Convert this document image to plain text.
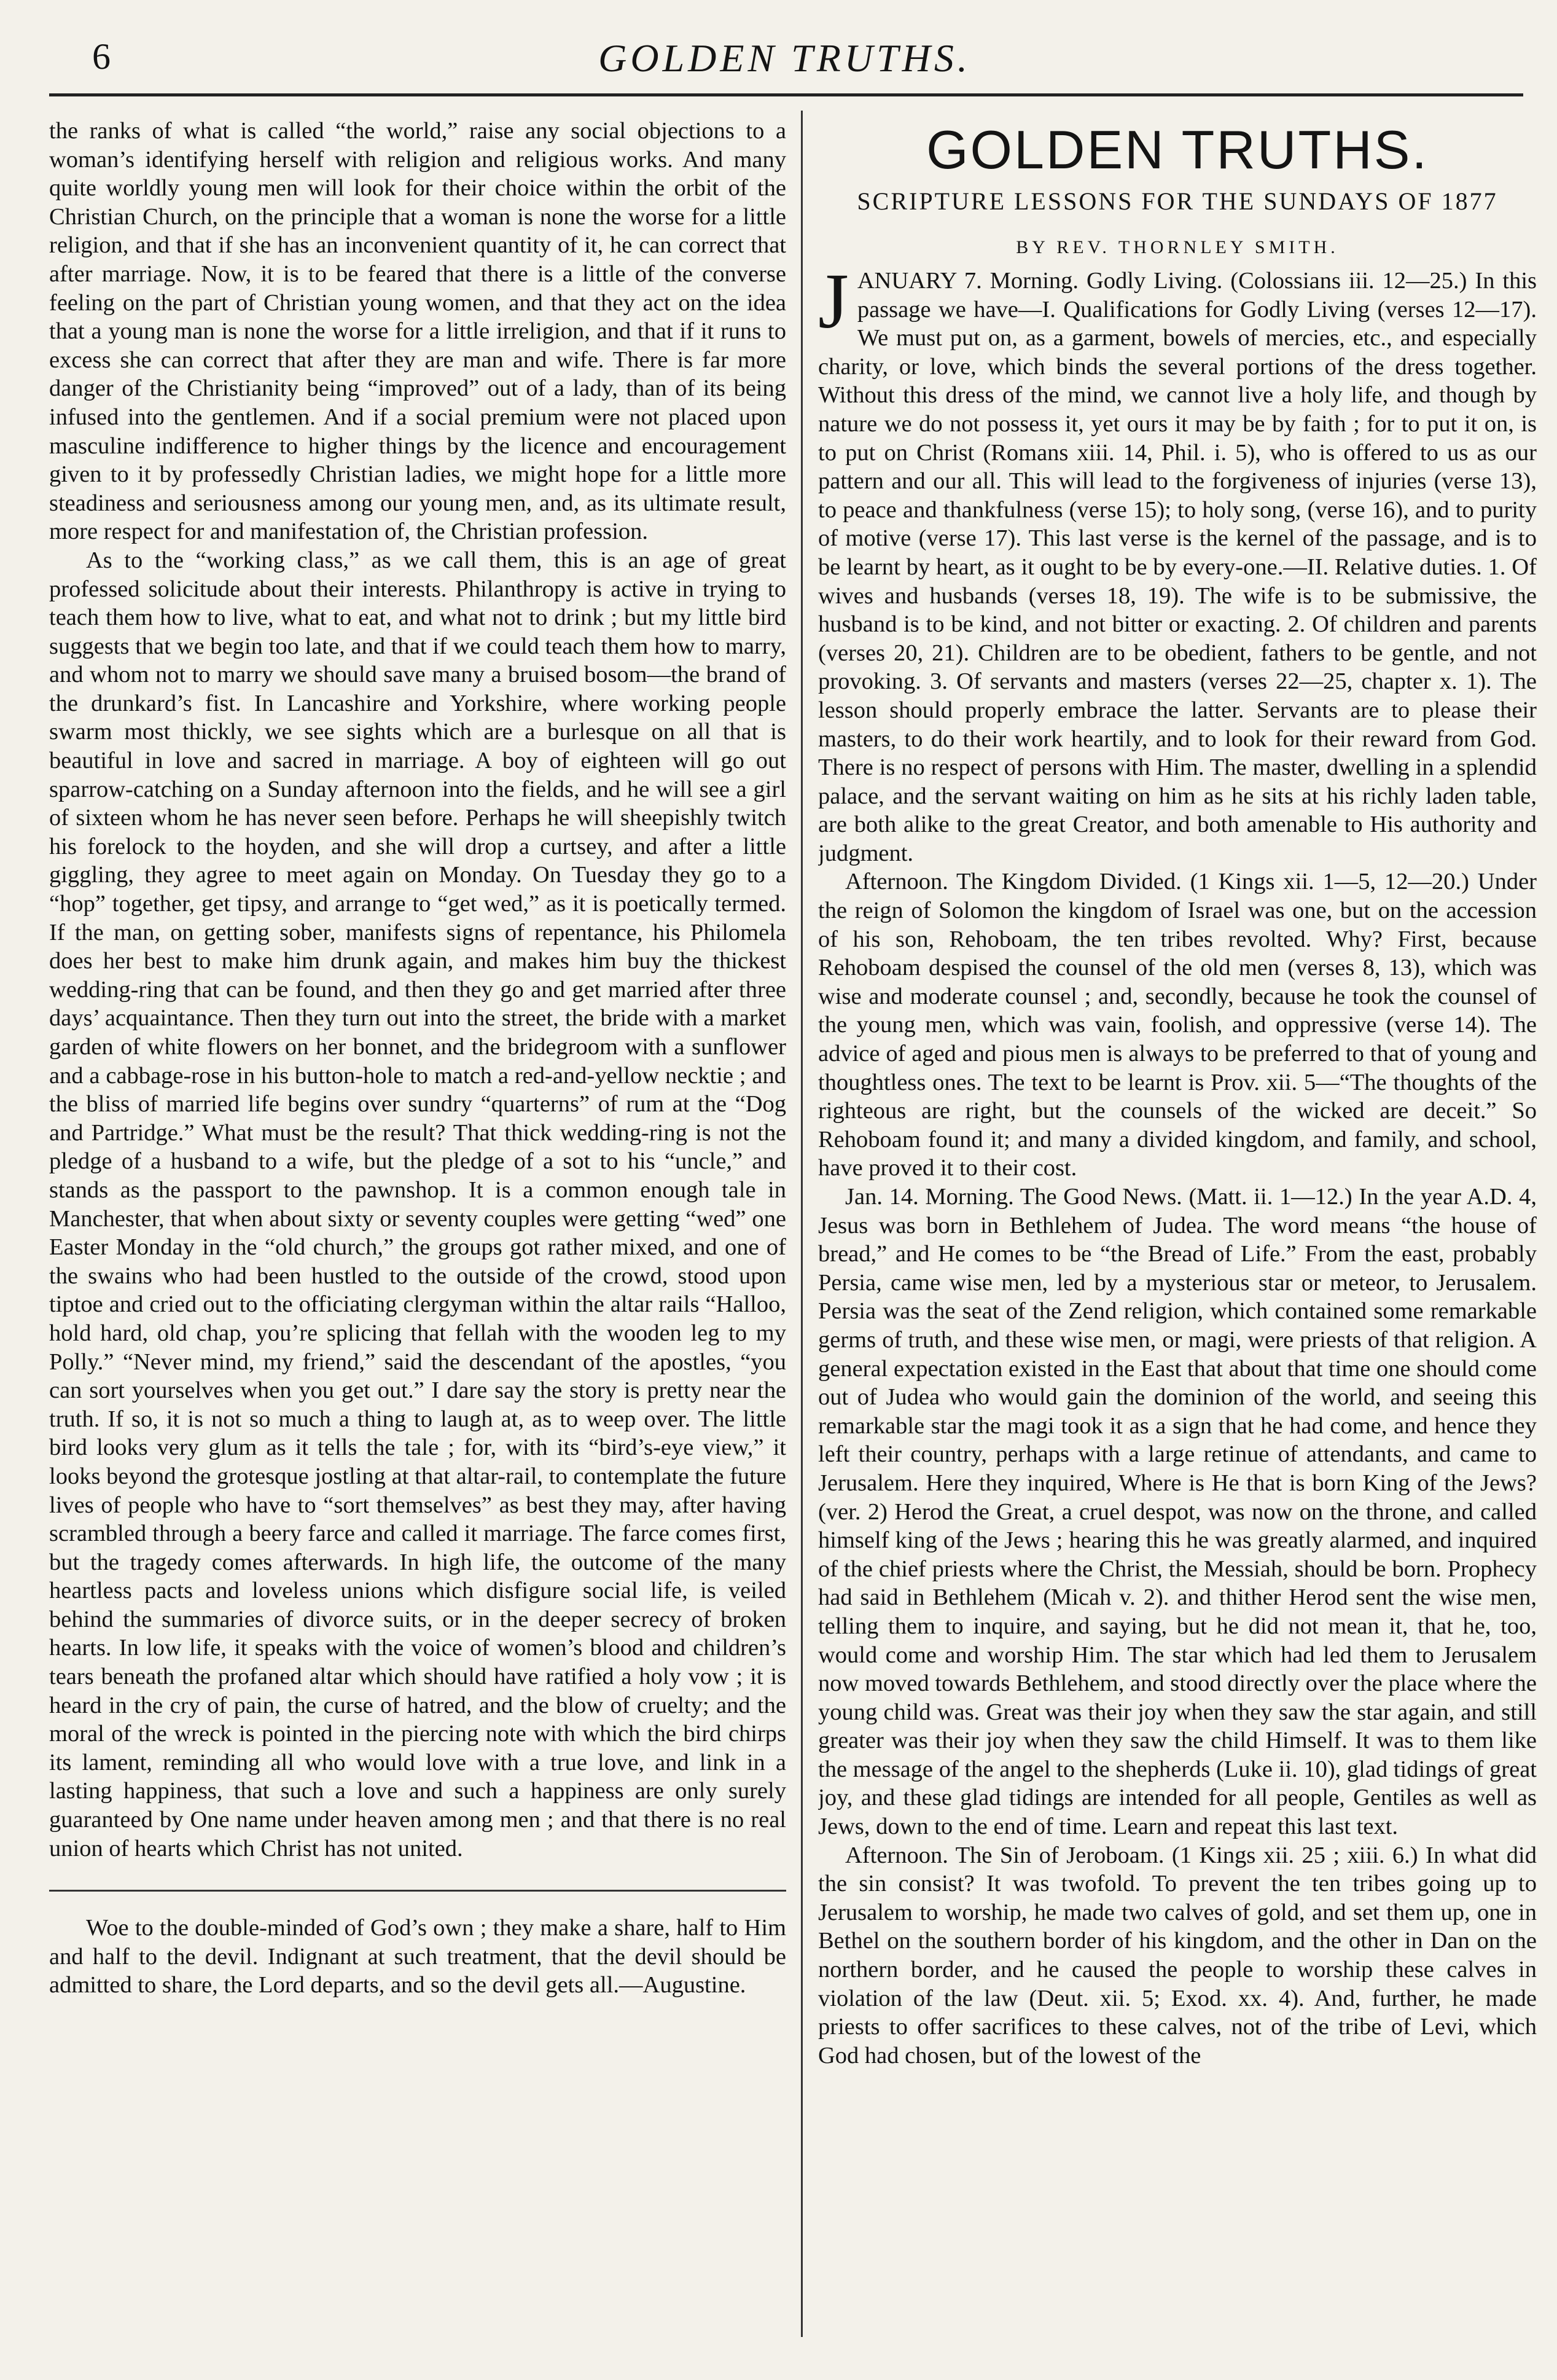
6	GOLDEN TRUTHS.

the ranks of what is called “the world,” raise any social objections to a woman’s identifying herself with religion and religious works. And many quite worldly young men will look for their choice within the orbit of the Christian Church, on the principle that a woman is none the worse for a little religion, and that if she has an inconvenient quantity of it, he can correct that after marriage. Now, it is to be feared that there is a little of the converse feeling on the part of Christian young women, and that they act on the idea that a young man is none the worse for a little irreligion, and that if it runs to excess she can correct that after they are man and wife. There is far more danger of the Christianity being “improved” out of a lady, than of its being infused into the gentlemen. And if a social premium were not placed upon masculine indifference to higher things by the licence and encouragement given to it by professedly Christian ladies, we might hope for a little more steadiness and seriousness among our young men, and, as its ultimate result, more respect for and manifestation of, the Christian profession.

As to the “working class,” as we call them, this is an age of great professed solicitude about their interests. Philanthropy is active in trying to teach them how to live, what to eat, and what not to drink ; but my little bird suggests that we begin too late, and that if we could teach them how to marry, and whom not to marry we should save many a bruised bosom—the brand of the drunkard’s fist. In Lancashire and Yorkshire, where working people swarm most thickly, we see sights which are a burlesque on all that is beautiful in love and sacred in marriage. A boy of eighteen will go out sparrow-catching on a Sunday afternoon into the fields, and he will see a girl of sixteen whom he has never seen before. Perhaps he will sheepishly twitch his forelock to the hoyden, and she will drop a curtsey, and after a little giggling, they agree to meet again on Monday. On Tuesday they go to a “hop” together, get tipsy, and arrange to “get wed,” as it is poetically termed. If the man, on getting sober, manifests signs of repentance, his Philomela does her best to make him drunk again, and makes him buy the thickest wedding-ring that can be found, and then they go and get married after three days’ acquaintance. Then they turn out into the street, the bride with a market garden of white flowers on her bonnet, and the bridegroom with a sunflower and a cabbage-rose in his button-hole to match a red-and-yellow necktie ; and the bliss of married life begins over sundry “quarterns” of rum at the “Dog and Partridge.” What must be the result? That thick wedding-ring is not the pledge of a husband to a wife, but the pledge of a sot to his “uncle,” and stands as the passport to the pawnshop. It is a common enough tale in Manchester, that when about sixty or seventy couples were getting “wed” one Easter Monday in the “old church,” the groups got rather mixed, and one of the swains who had been hustled to the outside of the crowd, stood upon tiptoe and cried out to the officiating clergyman within the altar rails “Halloo, hold hard, old chap, you’re splicing that fellah with the wooden leg to my Polly.” “Never mind, my friend,” said the descendant of the apostles, “you can sort yourselves when you get out.” I dare say the story is pretty near the truth. If so, it is not so much a thing to laugh at, as to weep over. The little bird looks very glum as it tells the tale ; for, with its “bird’s-eye view,” it looks beyond the grotesque jostling at that altar-rail, to contemplate the future lives of people who have to “sort themselves” as best they may, after having scrambled through a beery farce and called it marriage. The farce comes first, but the tragedy comes afterwards. In high life, the outcome of the many heartless pacts and loveless unions which disfigure social life, is veiled behind the summaries of divorce suits, or in the deeper secrecy of broken hearts. In low life, it speaks with the voice of women’s blood and children’s tears beneath the profaned altar which should have ratified a holy vow ; it is heard in the cry of pain, the curse of hatred, and the blow of cruelty; and the moral of the wreck is pointed in the piercing note with which the bird chirps its lament, reminding all who would love with a true love, and link in a lasting happiness, that such a love and such a happiness are only surely guaranteed by One name under heaven among men ; and that there is no real union of hearts which Christ has not united.

Woe to the double-minded of God’s own ; they make a share, half to Him and half to the devil. Indignant at such treatment, that the devil should be admitted to share, the Lord departs, and so the devil gets all.—Augustine.

GOLDEN TRUTHS.
SCRIPTURE LESSONS FOR THE SUNDAYS OF 1877
BY REV. THORNLEY SMITH.

JANUARY 7. Morning. Godly Living. (Colossians iii. 12—25.) In this passage we have—I. Qualifications for Godly Living (verses 12—17). We must put on, as a garment, bowels of mercies, etc., and especially charity, or love, which binds the several portions of the dress together. Without this dress of the mind, we cannot live a holy life, and though by nature we do not possess it, yet ours it may be by faith ; for to put it on, is to put on Christ (Romans xiii. 14, Phil. i. 5), who is offered to us as our pattern and our all. This will lead to the forgiveness of injuries (verse 13), to peace and thankfulness (verse 15); to holy song, (verse 16), and to purity of motive (verse 17). This last verse is the kernel of the passage, and is to be learnt by heart, as it ought to be by every-one.—II. Relative duties. 1. Of wives and husbands (verses 18, 19). The wife is to be submissive, the husband is to be kind, and not bitter or exacting. 2. Of children and parents (verses 20, 21). Children are to be obedient, fathers to be gentle, and not provoking. 3. Of servants and masters (verses 22—25, chapter x. 1). The lesson should properly embrace the latter. Servants are to please their masters, to do their work heartily, and to look for their reward from God. There is no respect of persons with Him. The master, dwelling in a splendid palace, and the servant waiting on him as he sits at his richly laden table, are both alike to the great Creator, and both amenable to His authority and judgment.

Afternoon. The Kingdom Divided. (1 Kings xii. 1—5, 12—20.) Under the reign of Solomon the kingdom of Israel was one, but on the accession of his son, Rehoboam, the ten tribes revolted. Why? First, because Rehoboam despised the counsel of the old men (verses 8, 13), which was wise and moderate counsel ; and, secondly, because he took the counsel of the young men, which was vain, foolish, and oppressive (verse 14). The advice of aged and pious men is always to be preferred to that of young and thoughtless ones. The text to be learnt is Prov. xii. 5—“The thoughts of the righteous are right, but the counsels of the wicked are deceit.” So Rehoboam found it; and many a divided kingdom, and family, and school, have proved it to their cost.

Jan. 14. Morning. The Good News. (Matt. ii. 1—12.) In the year A.D. 4, Jesus was born in Bethlehem of Judea. The word means “the house of bread,” and He comes to be “the Bread of Life.” From the east, probably Persia, came wise men, led by a mysterious star or meteor, to Jerusalem. Persia was the seat of the Zend religion, which contained some remarkable germs of truth, and these wise men, or magi, were priests of that religion. A general expectation existed in the East that about that time one should come out of Judea who would gain the dominion of the world, and seeing this remarkable star the magi took it as a sign that he had come, and hence they left their country, perhaps with a large retinue of attendants, and came to Jerusalem. Here they inquired, Where is He that is born King of the Jews? (ver. 2) Herod the Great, a cruel despot, was now on the throne, and called himself king of the Jews ; hearing this he was greatly alarmed, and inquired of the chief priests where the Christ, the Messiah, should be born. Prophecy had said in Bethlehem (Micah v. 2). and thither Herod sent the wise men, telling them to inquire, and saying, but he did not mean it, that he, too, would come and worship Him. The star which had led them to Jerusalem now moved towards Bethlehem, and stood directly over the place where the young child was. Great was their joy when they saw the star again, and still greater was their joy when they saw the child Himself. It was to them like the message of the angel to the shepherds (Luke ii. 10), glad tidings of great joy, and these glad tidings are intended for all people, Gentiles as well as Jews, down to the end of time. Learn and repeat this last text.

Afternoon. The Sin of Jeroboam. (1 Kings xii. 25 ; xiii. 6.) In what did the sin consist? It was twofold. To prevent the ten tribes going up to Jerusalem to worship, he made two calves of gold, and set them up, one in Bethel on the southern border of his kingdom, and the other in Dan on the northern border, and he caused the people to worship these calves in violation of the law (Deut. xii. 5; Exod. xx. 4). And, further, he made priests to offer sacrifices to these calves, not of the tribe of Levi, which God had chosen, but of the lowest of the
